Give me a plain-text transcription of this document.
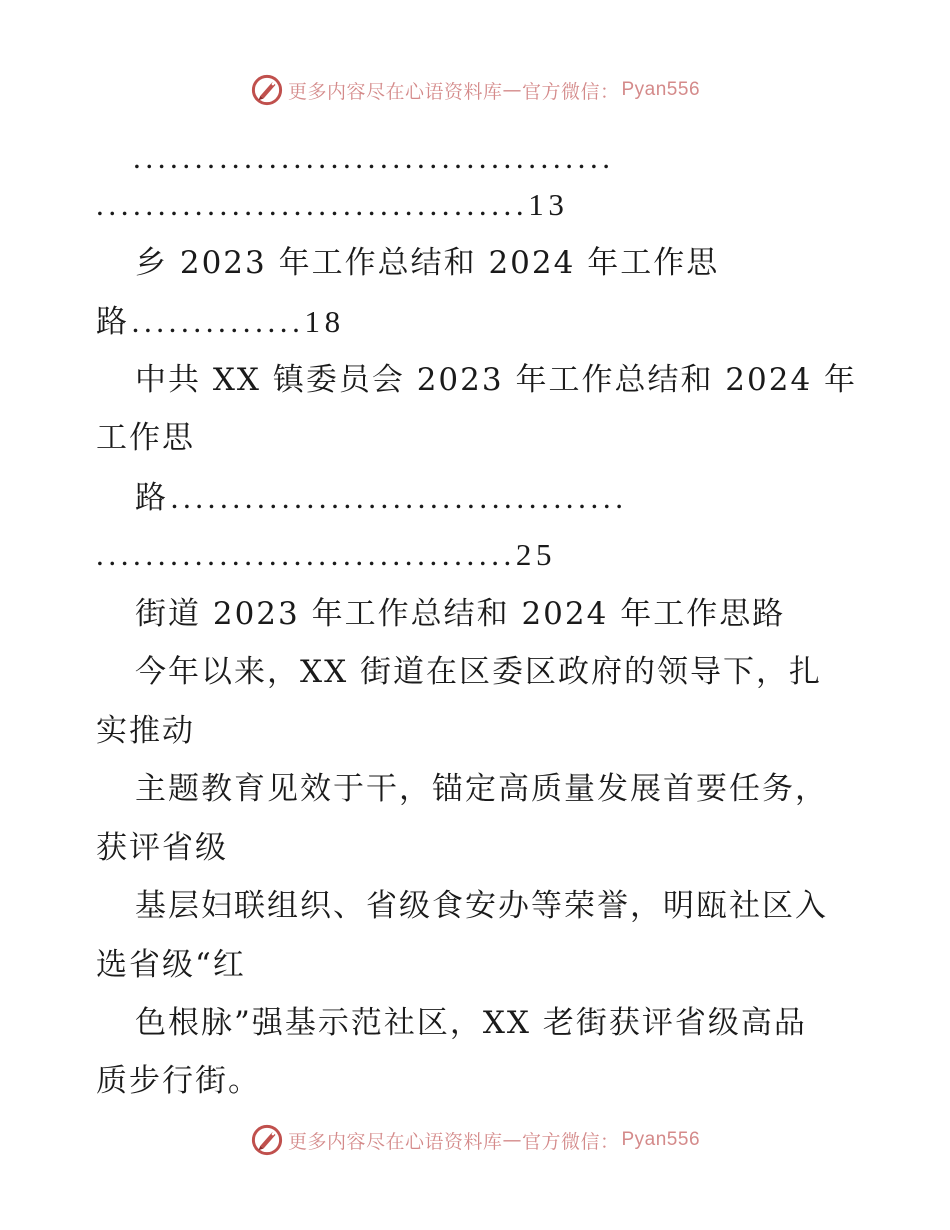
更多内容尽在心语资料库 — 官方微信： Pyan556
.......................................
...................................13
乡 2023 年工作总结和 2024 年工作思
路..............18
中共 XX 镇委员会 2023 年工作总结和 2024 年
工作思
路.....................................
..................................25
街道 2023 年工作总结和 2024 年工作思路
今年以来，XX 街道在区委区政府的领导下，扎
实推动
主题教育见效于干，锚定高质量发展首要任务，
获评省级
基层妇联组织、省级食安办等荣誉，明瓯社区入
选省级“红
色根脉”强基示范社区，XX 老街获评省级高品
质步行街。
更多内容尽在心语资料库 — 官方微信： Pyan556
